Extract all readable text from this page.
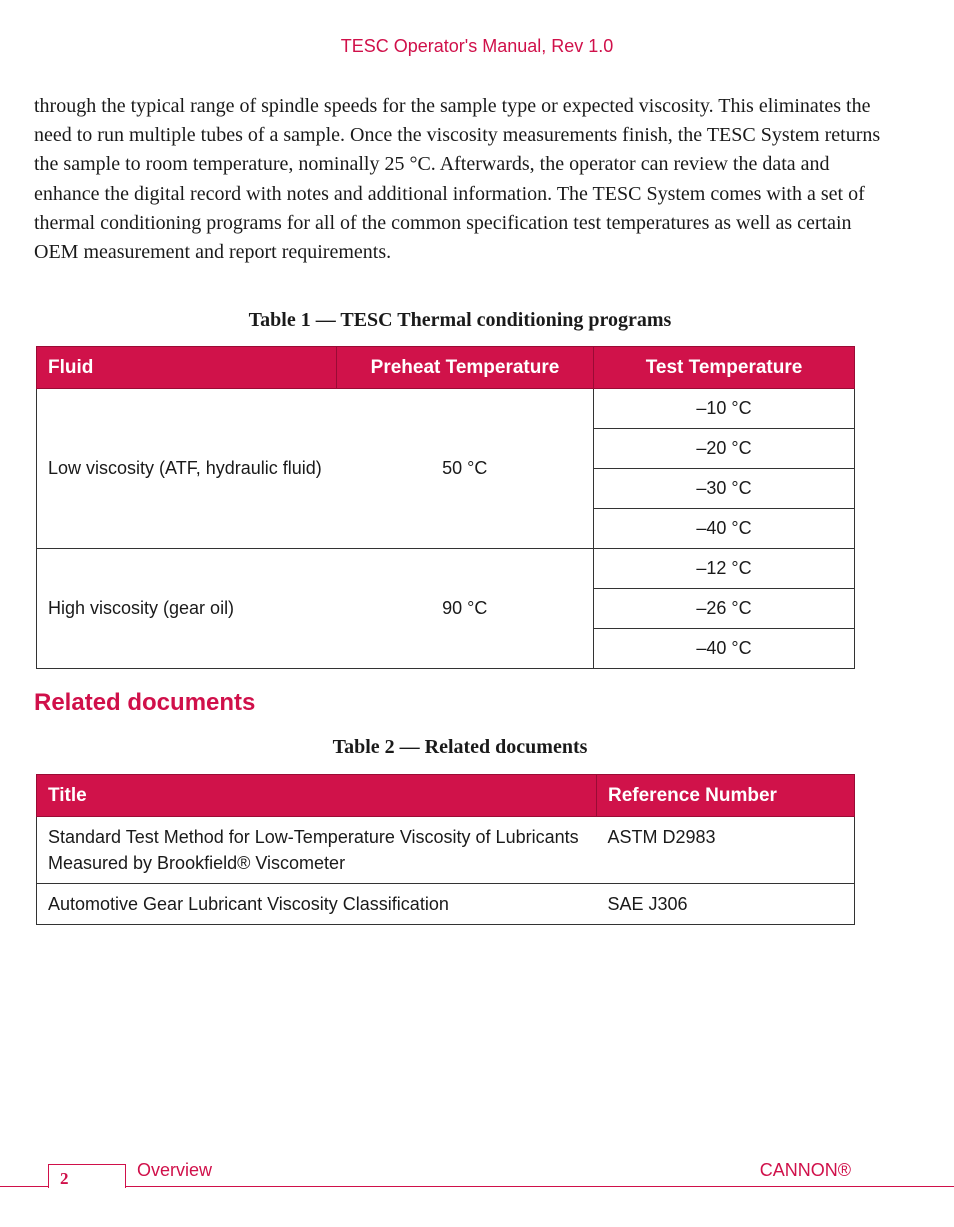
TESC Operator's Manual, Rev 1.0

through the typical range of spindle speeds for the sample type or expected viscosity. This eliminates the need to run multiple tubes of a sample. Once the viscosity measurements finish, the TESC System returns the sample to room temperature, nominally 25 °C. Afterwards, the operator can review the data and enhance the digital record with notes and additional information. The TESC System comes with a set of thermal conditioning programs for all of the common specification test temperatures as well as certain OEM measurement and report requirements.

Table 1 — TESC Thermal conditioning programs
Fluid	Preheat Temperature	Test Temperature
Low viscosity (ATF, hydraulic fluid)	50 °C	–10 °C
		–20 °C
		–30 °C
		–40 °C
High viscosity (gear oil)	90 °C	–12 °C
		–26 °C
		–40 °C
Related documents
Table 2 — Related documents
Title	Reference Number
Standard Test Method for Low-Temperature Viscosity of Lubricants Measured by Brookfield® Viscometer	ASTM D2983
Automotive Gear Lubricant Viscosity Classification	SAE J306
2	Overview	CANNON®
